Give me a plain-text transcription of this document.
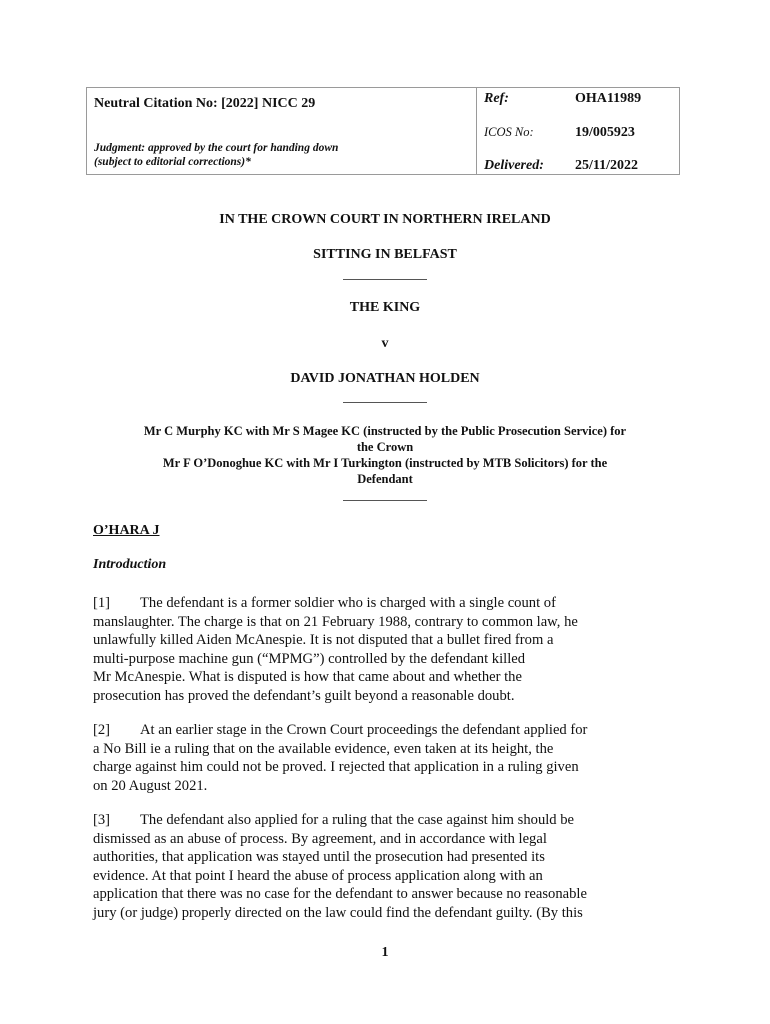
Neutral Citation No: [2022] NICC 29
Judgment: approved by the court for handing down
(subject to editorial corrections)*
Ref:	OHA11989
ICOS No:	19/005923
Delivered: 25/11/2022
IN THE CROWN COURT IN NORTHERN IRELAND
SITTING IN BELFAST
THE KING
v
DAVID JONATHAN HOLDEN
Mr C Murphy KC with Mr S Magee KC (instructed by the Public Prosecution Service) for
the Crown
Mr F O’Donoghue KC with Mr I Turkington (instructed by MTB Solicitors) for the
Defendant
O’HARA J
Introduction
[1] The defendant is a former soldier who is charged with a single count of
manslaughter. The charge is that on 21 February 1988, contrary to common law, he
unlawfully killed Aiden McAnespie. It is not disputed that a bullet fired from a
multi-purpose machine gun (“MPMG”) controlled by the defendant killed
Mr McAnespie. What is disputed is how that came about and whether the
prosecution has proved the defendant’s guilt beyond a reasonable doubt.
[2] At an earlier stage in the Crown Court proceedings the defendant applied for
a No Bill ie a ruling that on the available evidence, even taken at its height, the
charge against him could not be proved. I rejected that application in a ruling given
on 20 August 2021.
[3] The defendant also applied for a ruling that the case against him should be
dismissed as an abuse of process. By agreement, and in accordance with legal
authorities, that application was stayed until the prosecution had presented its
evidence. At that point I heard the abuse of process application along with an
application that there was no case for the defendant to answer because no reasonable
jury (or judge) properly directed on the law could find the defendant guilty. (By this
1
